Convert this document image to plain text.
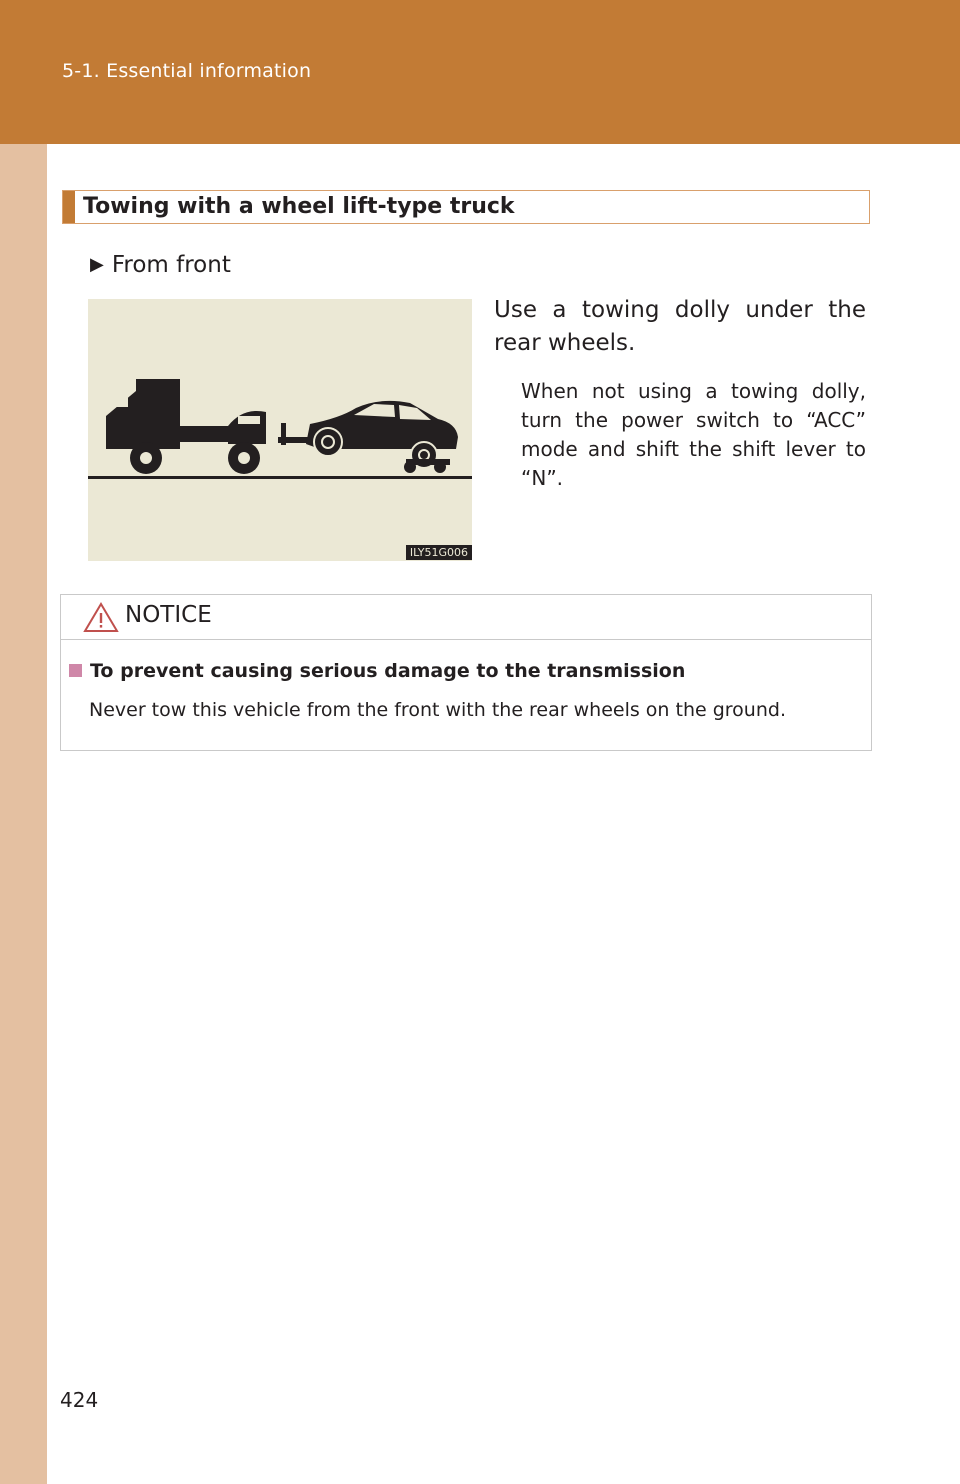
5-1. Essential information
Towing with a wheel lift-type truck
▶ From front
ILY51G006
Use a towing dolly under the rear wheels.
When not using a towing dolly, turn the power switch to “ACC” mode and shift the shift lever to “N”.
NOTICE
To prevent causing serious damage to the transmission
Never tow this vehicle from the front with the rear wheels on the ground.
424
